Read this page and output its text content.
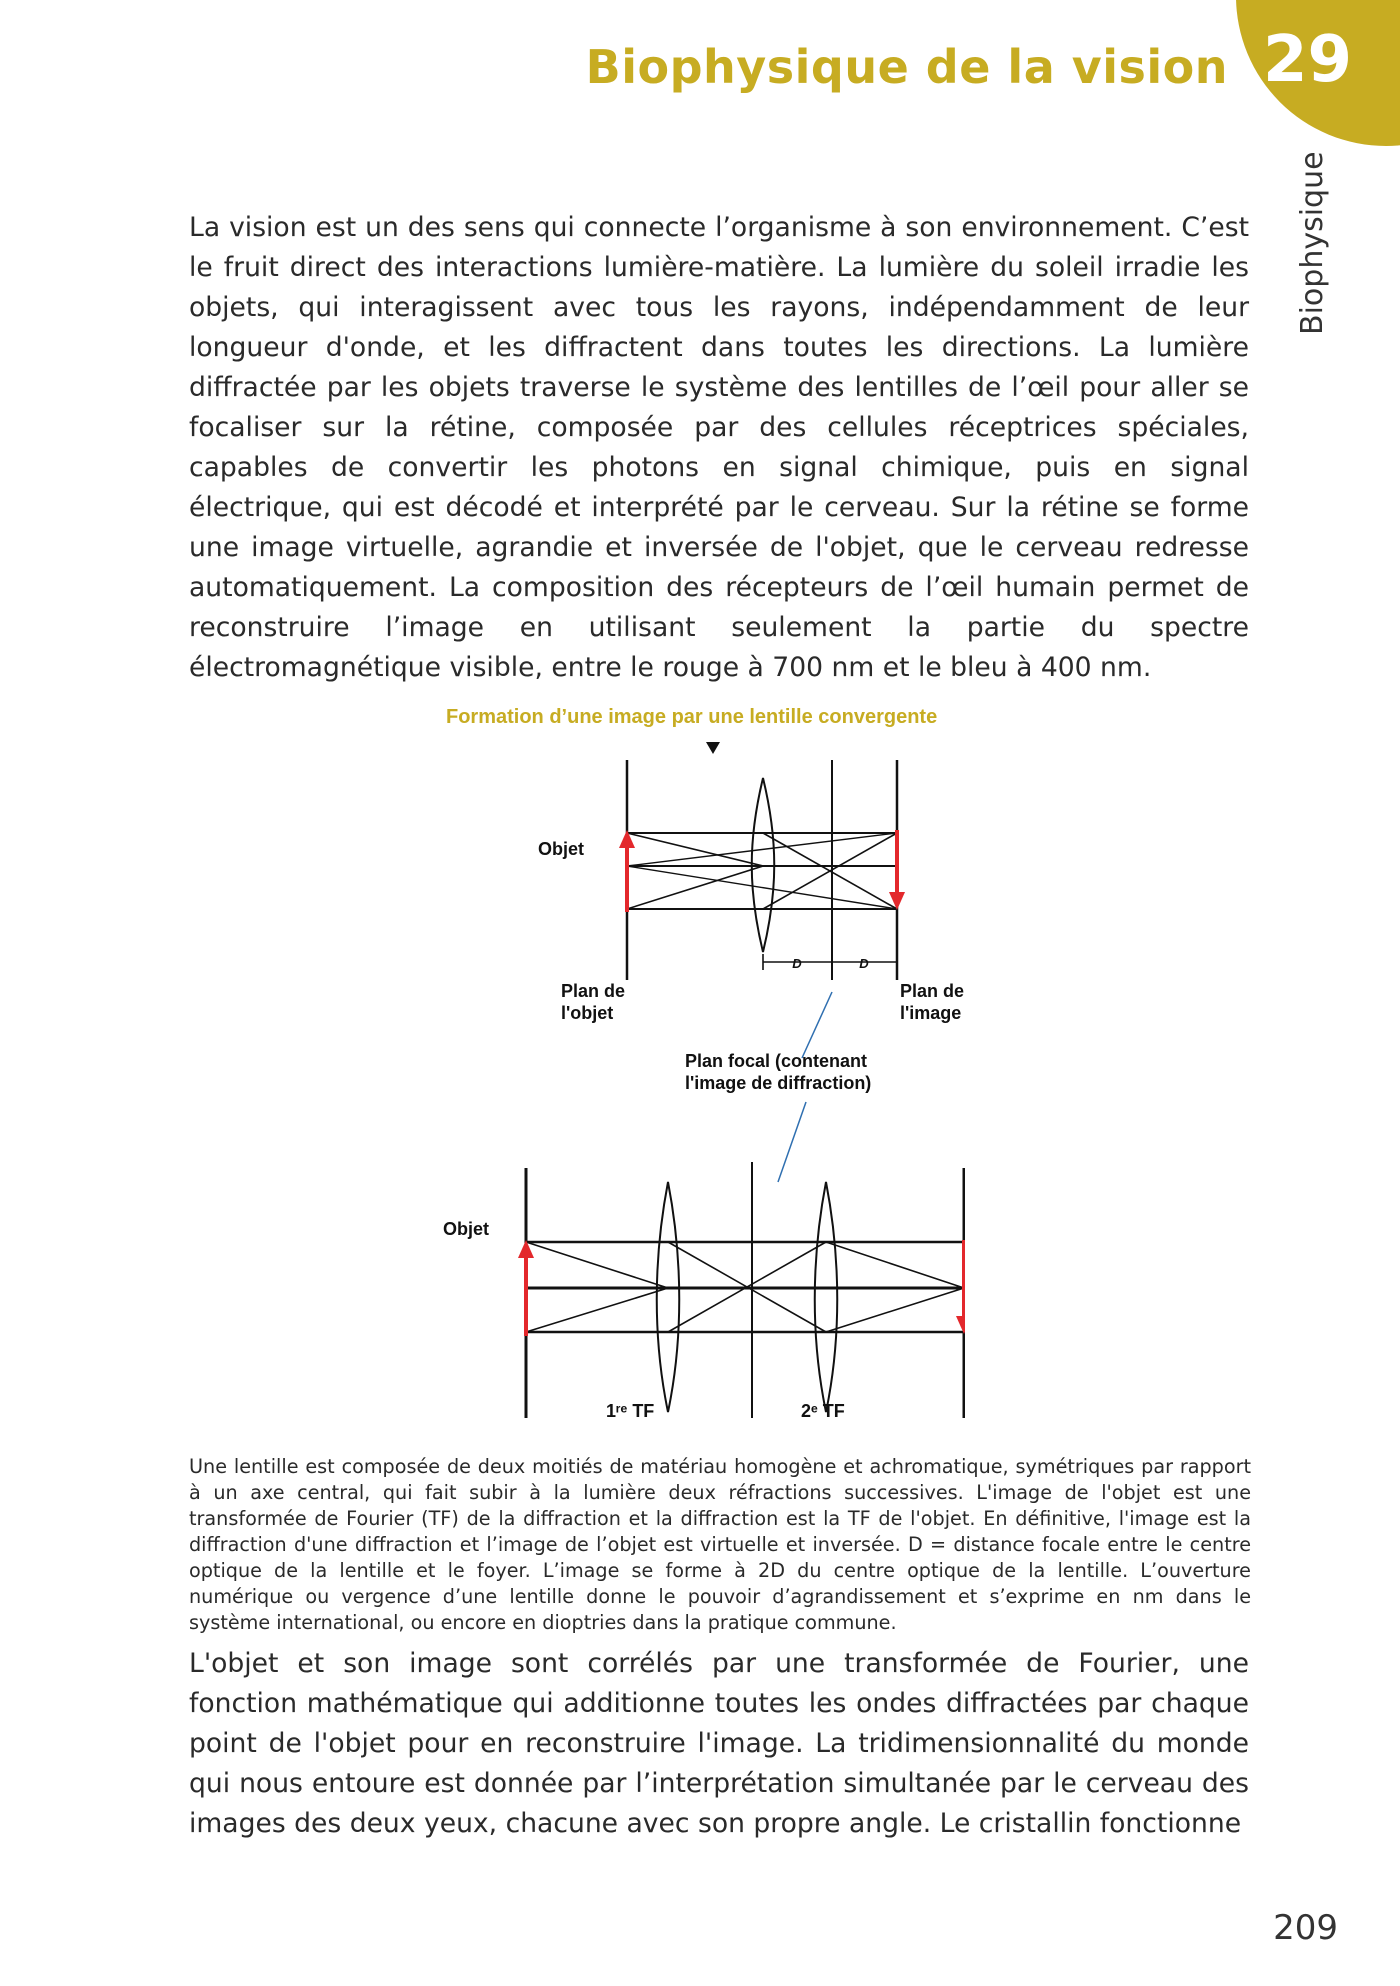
29
Biophysique de la vision
Biophysique

La vision est un des sens qui connecte l’organisme à son environnement. C’est le fruit direct des interactions lumière-matière. La lumière du soleil irradie les objets, qui interagissent avec tous les rayons, indépendamment de leur longueur d'onde, et les diffractent dans toutes les directions. La lumière diffractée par les objets traverse le système des lentilles de l’œil pour aller se focaliser sur la rétine, composée par des cellules réceptrices spéciales, capables de convertir les photons en signal chimique, puis en signal électrique, qui est décodé et interprété par le cerveau. Sur la rétine se forme une image virtuelle, agrandie et inversée de l'objet, que le cerveau redresse automatiquement. La composition des récepteurs de l’œil humain permet de reconstruire l’image en utilisant seulement la partie du spectre électromagnétique visible, entre le rouge à 700 nm et le bleu à 400 nm.

Formation d’une image par une lentille convergente
D	D
Objet
Plan de
l'objet
Plan de
l'image
Plan focal (contenant
l'image de diffraction)
Objet
1ʳᵉ TF	2ᵉ TF

Une lentille est composée de deux moitiés de matériau homogène et achromatique, symétriques par rapport à un axe central, qui fait subir à la lumière deux réfractions successives. L'image de l'objet est une transformée de Fourier (TF) de la diffraction et la diffraction est la TF de l'objet. En définitive, l'image est la diffraction d'une diffraction et l’image de l’objet est virtuelle et inversée. D = distance focale entre le centre optique de la lentille et le foyer. L’image se forme à 2D du centre optique de la lentille. L’ouverture numérique ou vergence d’une lentille donne le pouvoir d’agrandissement et s’exprime en nm dans le système international, ou encore en dioptries dans la pratique commune.

L'objet et son image sont corrélés par une transformée de Fourier, une fonction mathématique qui additionne toutes les ondes diffractées par chaque point de l'objet pour en reconstruire l'image. La tridimensionnalité du monde qui nous entoure est donnée par l’interprétation simultanée par le cerveau des images des deux yeux, chacune avec son propre angle. Le cristallin fonctionne

209
